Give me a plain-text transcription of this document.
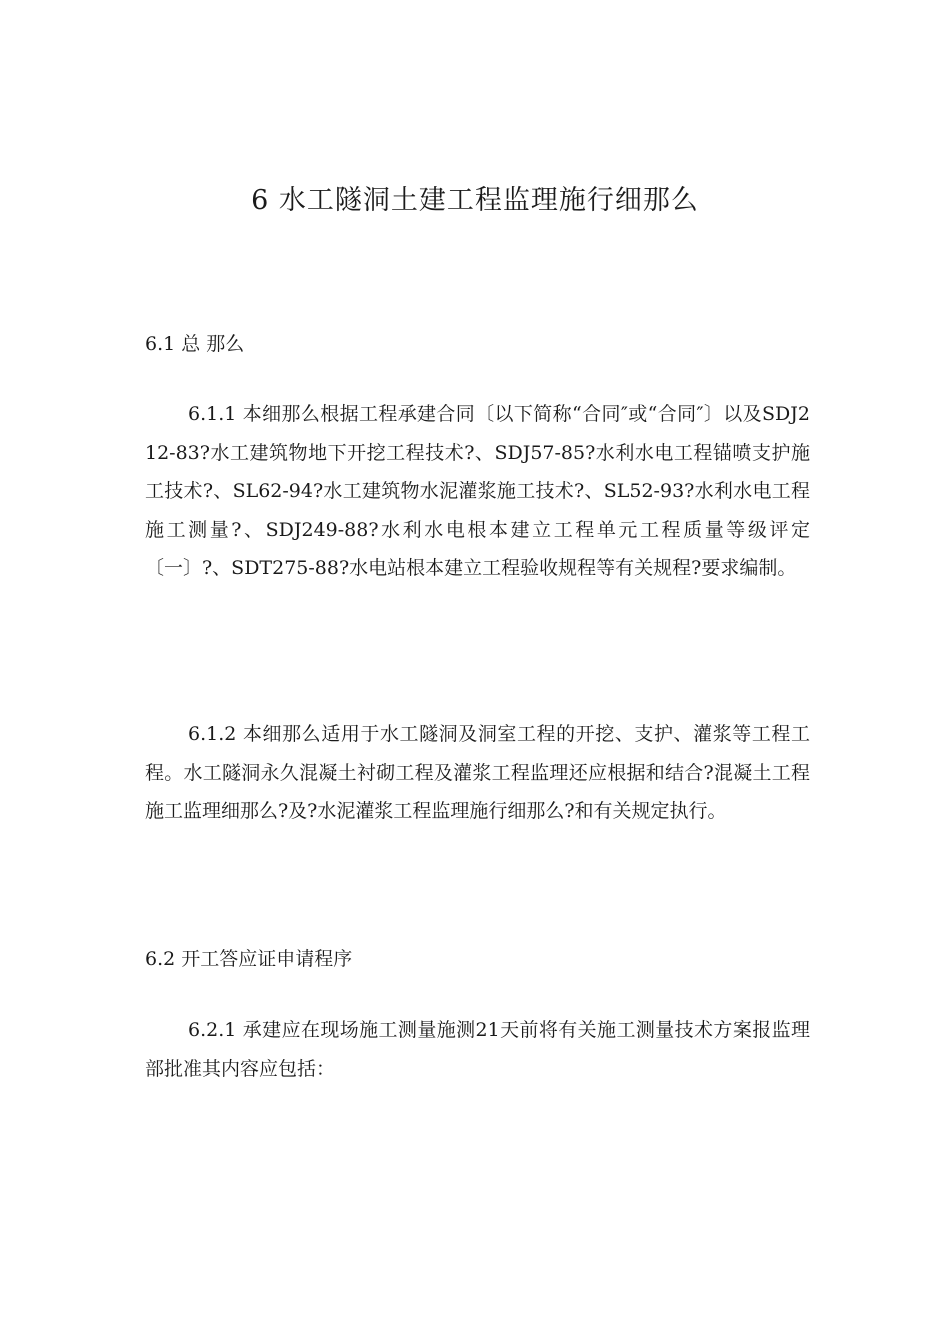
6 水工隧洞土建工程监理施行细那么
6.1 总 那么

6.1.1 本细那么根据工程承建合同〔以下简称“合同″或“合同″〕以及SDJ212-83?水工建筑物地下开挖工程技术?、SDJ57-85?水利水电工程锚喷支护施工技术?、SL62-94?水工建筑物水泥灌浆施工技术?、SL52-93?水利水电工程施工测量?、SDJ249-88?水利水电根本建立工程单元工程质量等级评定〔一〕?、SDT275-88?水电站根本建立工程验收规程等有关规程?要求编制。

6.1.2 本细那么适用于水工隧洞及洞室工程的开挖、支护、灌浆等工程工程。水工隧洞永久混凝土衬砌工程及灌浆工程监理还应根据和结合?混凝土工程施工监理细那么?及?水泥灌浆工程监理施行细那么?和有关规定执行。

6.2 开工答应证申请程序

6.2.1 承建应在现场施工测量施测21天前将有关施工测量技术方案报监理部批准其内容应包括：
